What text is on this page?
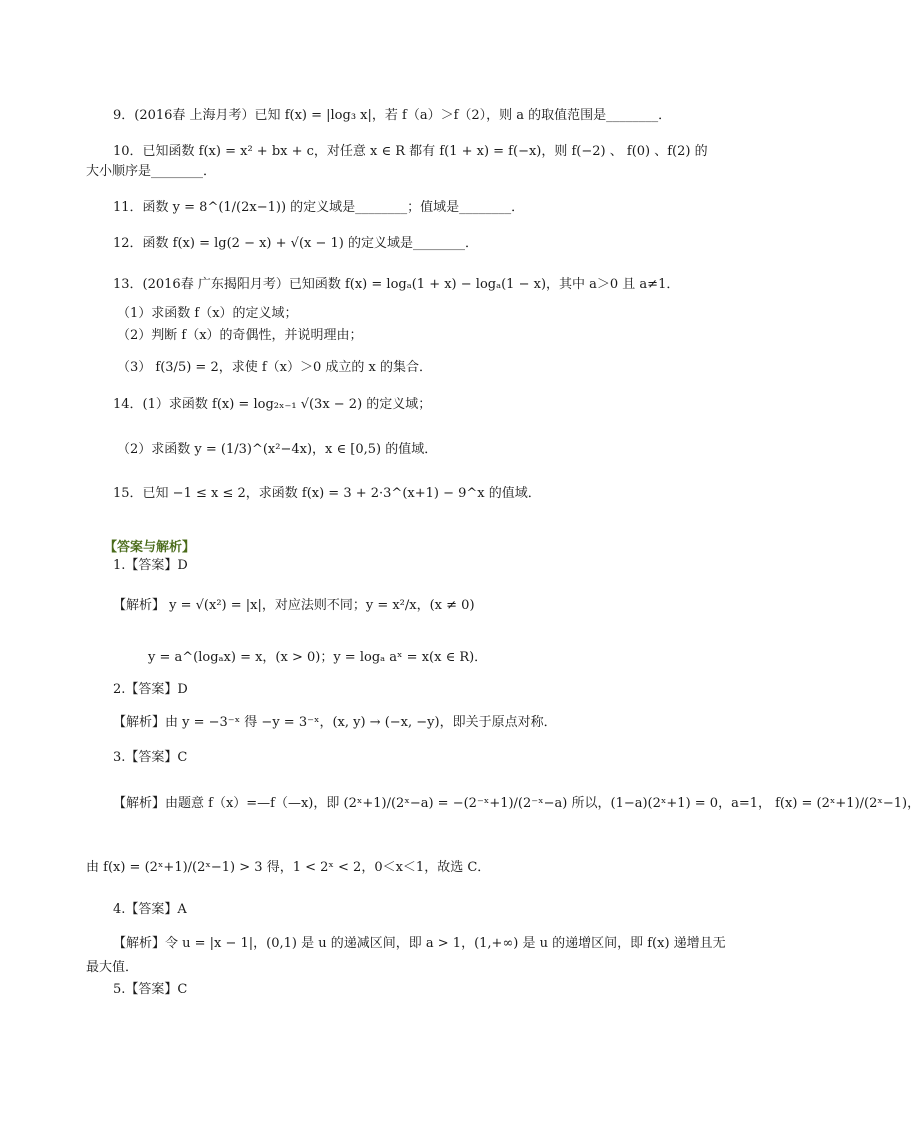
9．(2016春 上海月考）已知 f(x) = |log₃ x|，若 f（a）＞f（2），则 a 的取值范围是________．
10．已知函数 f(x) = x² + bx + c，对任意 x ∈ R 都有 f(1 + x) = f(−x)，则 f(−2) 、 f(0) 、f(2) 的
大小顺序是________．
11．函数 y = 8^(1/(2x−1)) 的定义域是________；值域是________．
12．函数 f(x) = lg(2 − x) + √(x − 1) 的定义域是________．
13．(2016春 广东揭阳月考）已知函数 f(x) = logₐ(1 + x) − logₐ(1 − x)，其中 a＞0 且 a≠1．
（1）求函数 f（x）的定义域；
（2）判断 f（x）的奇偶性，并说明理由；
（3） f(3/5) = 2，求使 f（x）＞0 成立的 x 的集合．
14．(1）求函数 f(x) = log₂ₓ₋₁ √(3x − 2) 的定义域；
（2）求函数 y = (1/3)^(x²−4x)，x ∈ [0,5) 的值域．
15．已知 −1 ≤ x ≤ 2，求函数 f(x) = 3 + 2·3^(x+1) − 9^x 的值域．
【答案与解析】
1.【答案】D
【解析】 y = √(x²) = |x|，对应法则不同；y = x²/x，(x ≠ 0)
y = a^(logₐx) = x，(x > 0)；y = logₐ aˣ = x(x ∈ R)．
2.【答案】D
【解析】由 y = −3⁻ˣ 得 −y = 3⁻ˣ，(x, y) → (−x, −y)，即关于原点对称．
3.【答案】C
【解析】由题意 f（x）=—f（—x)，即 (2ˣ+1)/(2ˣ−a) = −(2⁻ˣ+1)/(2⁻ˣ−a) 所以，(1−a)(2ˣ+1) = 0，a=1， f(x) = (2ˣ+1)/(2ˣ−1)，
由 f(x) = (2ˣ+1)/(2ˣ−1) > 3 得，1 < 2ˣ < 2，0＜x＜1，故选 C．
4.【答案】A
【解析】令 u = |x − 1|，(0,1) 是 u 的递减区间，即 a > 1，(1,+∞) 是 u 的递增区间，即 f(x) 递增且无
最大值．
5.【答案】C
